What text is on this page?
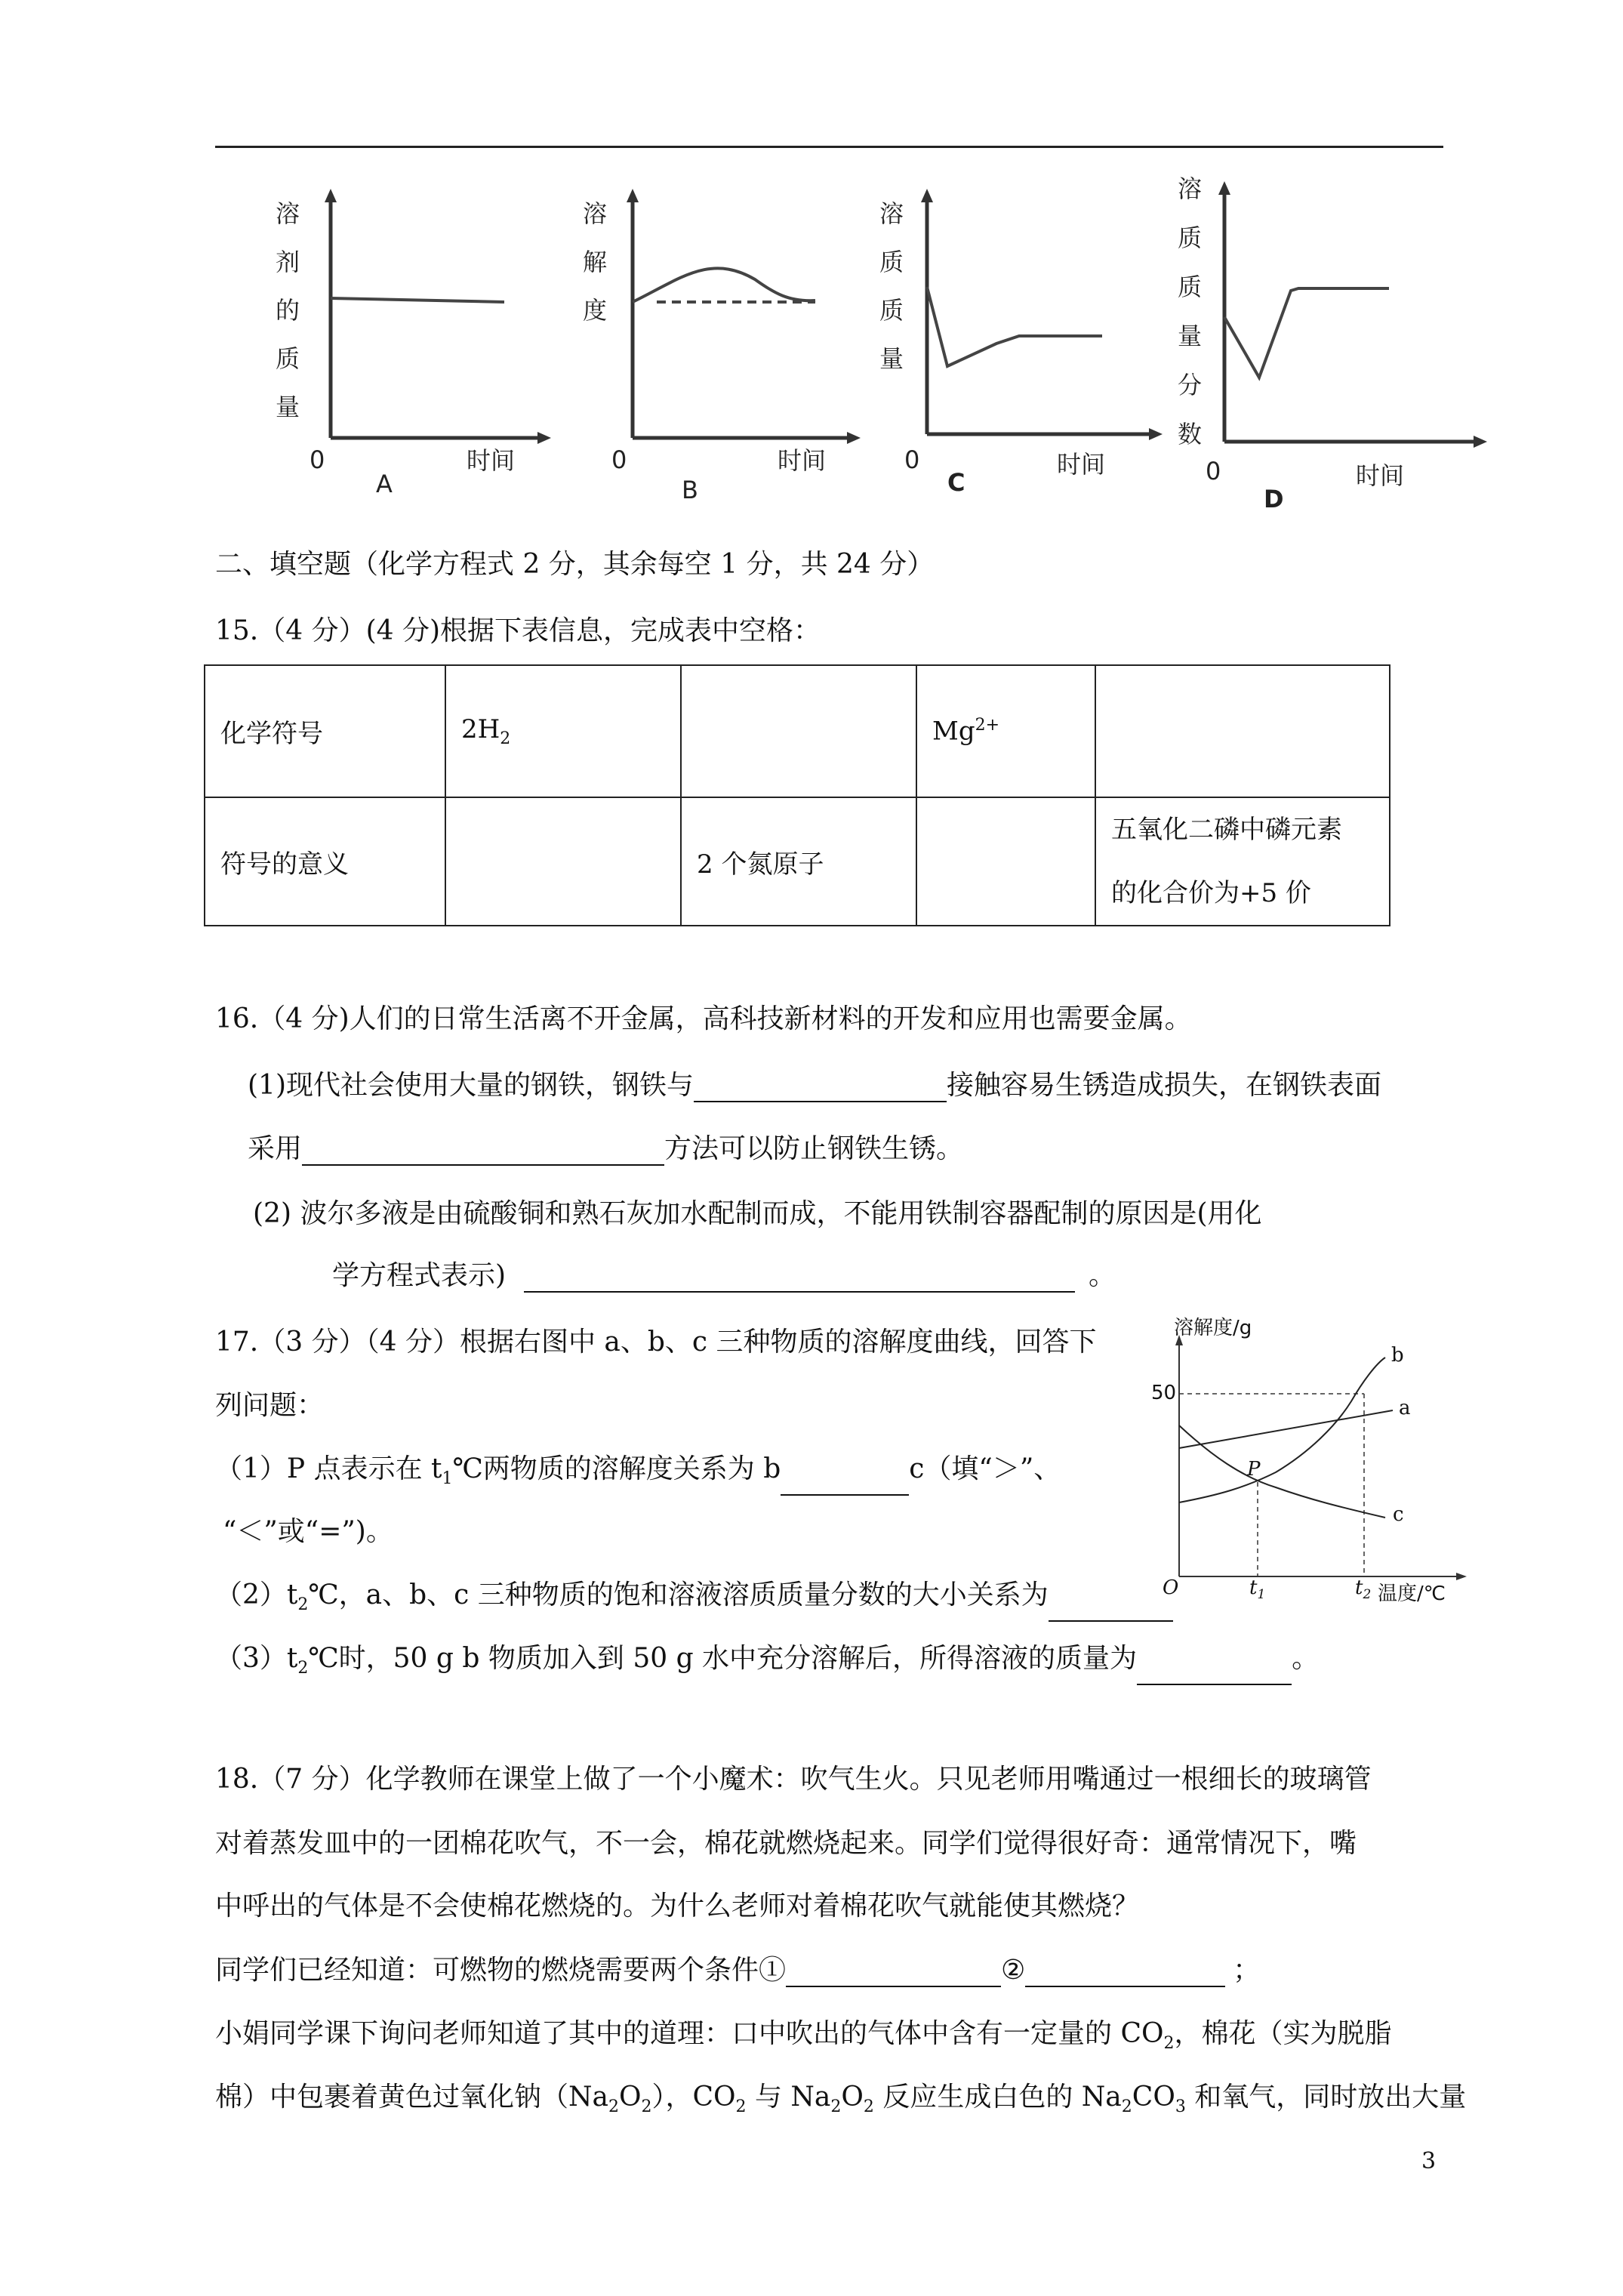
溶
剂
的
质
量
0	时间
A
溶
解
度
0	时间
B
溶
质
质
量
0	时间
C
溶
质
质
量
分
数
0	时间
D
二、填空题（化学方程式 2 分，其余每空 1 分，共 24 分）
15.（4 分）(4 分)根据下表信息，完成表中空格：
化学符号	$2H_2$		$Mg^{2+}$	
符号的意义		2 个氮原子		五氧化二磷中磷元素
的化合价为+5 价
16.（4 分)人们的日常生活离不开金属，高科技新材料的开发和应用也需要金属。
(1)现代社会使用大量的钢铁，钢铁与	接触容易生锈造成损失，在钢铁表面
采用	方法可以防止钢铁生锈。
(2) 波尔多液是由硫酸铜和熟石灰加水配制而成，不能用铁制容器配制的原因是(用化
学方程式表示)	。
17.（3 分）（4 分）根据右图中 a、b、c 三种物质的溶解度曲线，回答下
列问题：
（1）P 点表示在 $t_1℃$两物质的溶解度关系为 b	c（填“＞”、
“＜”或“=”)。
$(2)t_2℃$，a、b、c 三种物质的饱和溶液溶质质量分数的大小关系为
$(3)t_2℃$时，50 g b 物质加入到 50 g 水中充分溶解后，所得溶液的质量为	。
溶解度/g
50
b
a
c
P
O	$t_1$	$t_2$ 温度/℃
18.（7 分）化学教师在课堂上做了一个小魔术：吹气生火。只见老师用嘴通过一根细长的玻璃管
对着蒸发皿中的一团棉花吹气，不一会，棉花就燃烧起来。同学们觉得很好奇：通常情况下，嘴
中呼出的气体是不会使棉花燃烧的。为什么老师对着棉花吹气就能使其燃烧？
同学们已经知道：可燃物的燃烧需要两个条件①	②	；
小娟同学课下询问老师知道了其中的道理：口中吹出的气体中含有一定量的 $CO_2$，棉花（实为脱脂
棉）中包裹着黄色过氧化钠$(Na_2O_2)$，$CO_2$ 与 $Na_2O_2$ 反应生成白色的 $Na_2CO_3$ 和氧气，同时放出大量
3
